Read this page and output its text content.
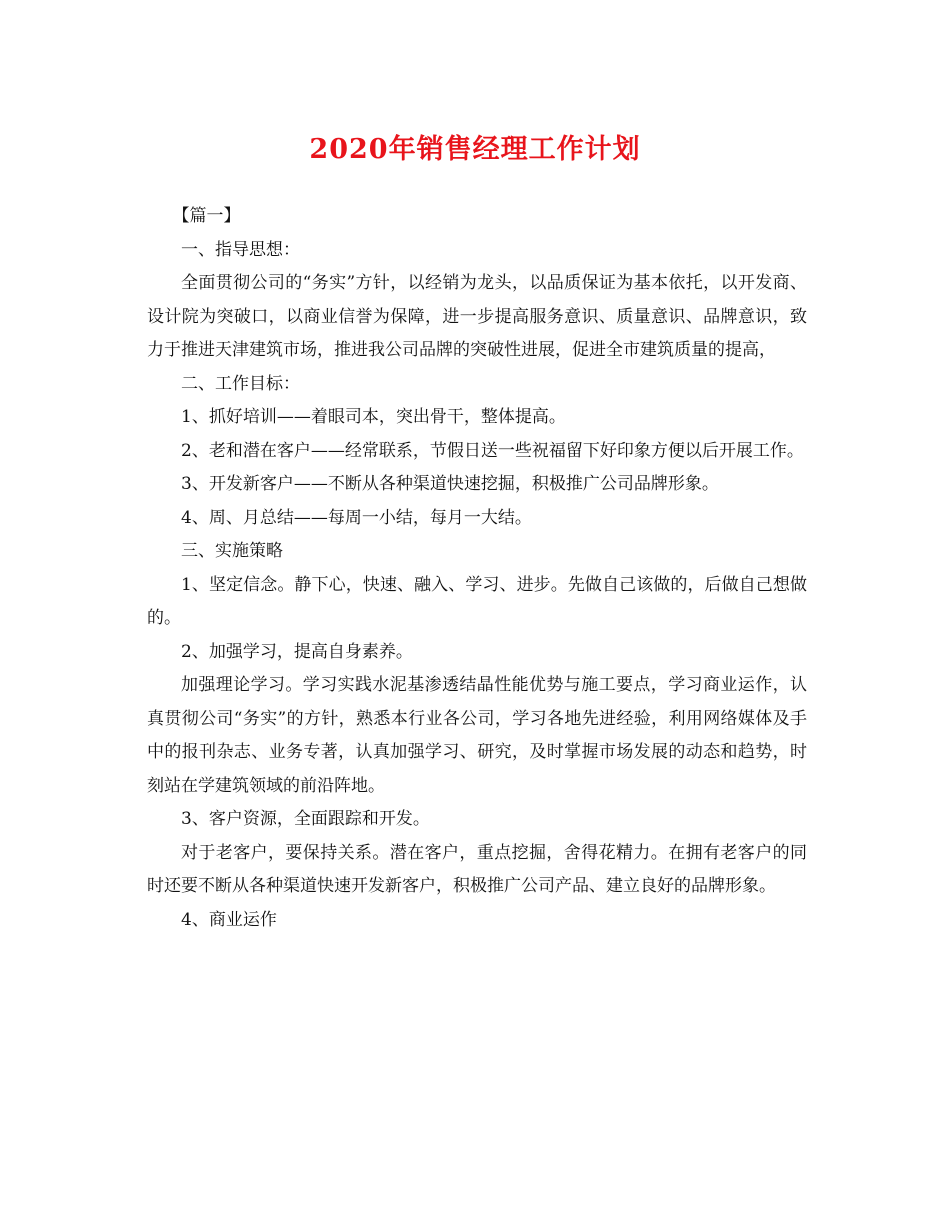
2020年销售经理工作计划

【篇一】

一、指导思想：

全面贯彻公司的“务实”方针，以经销为龙头，以品质保证为基本依托，以开发商、设计院为突破口，以商业信誉为保障，进一步提高服务意识、质量意识、品牌意识，致力于推进天津建筑市场，推进我公司品牌的突破性进展，促进全市建筑质量的提高，

二、工作目标：

1、抓好培训——着眼司本，突出骨干，整体提高。

2、老和潜在客户——经常联系，节假日送一些祝福留下好印象方便以后开展工作。

3、开发新客户——不断从各种渠道快速挖掘，积极推广公司品牌形象。

4、周、月总结——每周一小结，每月一大结。

三、实施策略

1、坚定信念。静下心，快速、融入、学习、进步。先做自己该做的，后做自己想做的。

2、加强学习，提高自身素养。

加强理论学习。学习实践水泥基渗透结晶性能优势与施工要点，学习商业运作，认真贯彻公司“务实”的方针，熟悉本行业各公司，学习各地先进经验，利用网络媒体及手中的报刊杂志、业务专著，认真加强学习、研究，及时掌握市场发展的动态和趋势，时刻站在学建筑领域的前沿阵地。

3、客户资源，全面跟踪和开发。

对于老客户，要保持关系。潜在客户，重点挖掘，舍得花精力。在拥有老客户的同时还要不断从各种渠道快速开发新客户，积极推广公司产品、建立良好的品牌形象。

4、商业运作
